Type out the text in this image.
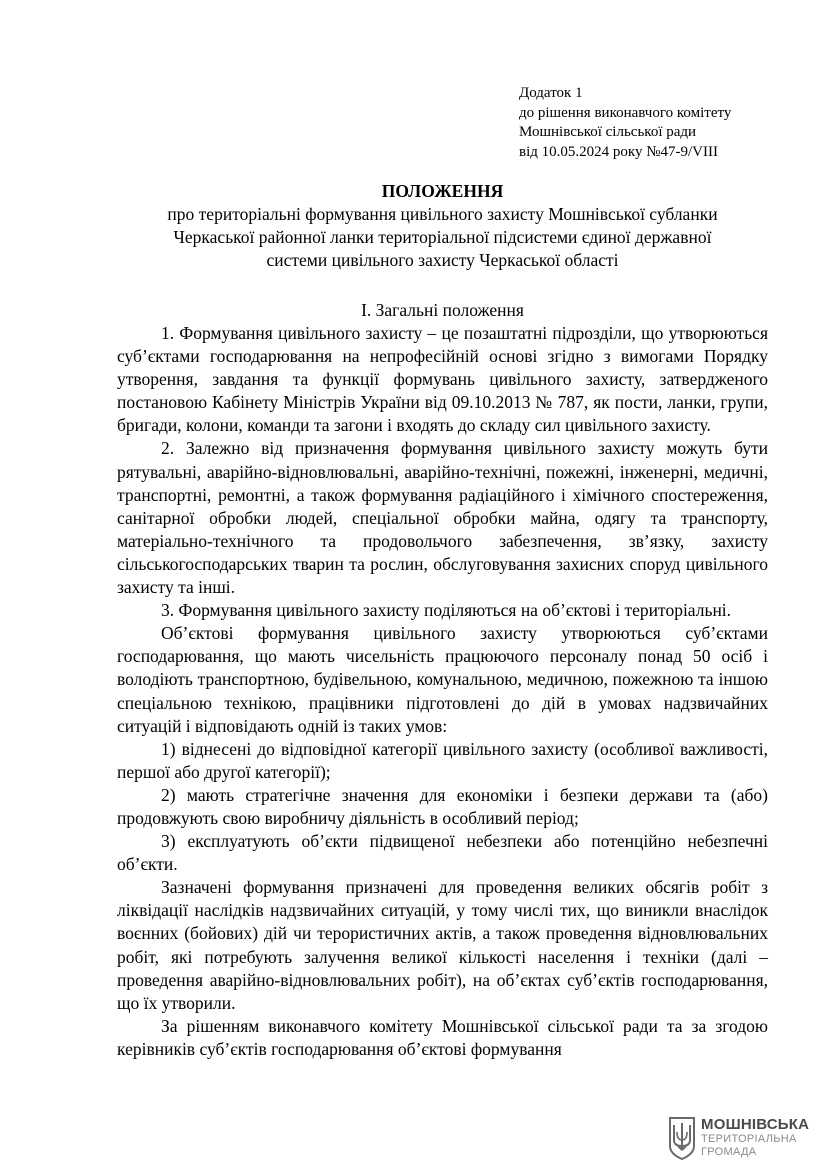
Додаток 1
до рішення виконавчого комітету
Мошнівської сільської ради
від 10.05.2024 року №47-9/VIII
ПОЛОЖЕННЯ
про територіальні формування цивільного захисту Мошнівської субланки
Черкаської районної ланки територіальної підсистеми єдиної державної
системи цивільного захисту Черкаської області
I. Загальні положення

1. Формування цивільного захисту – це позаштатні підрозділи, що утворюються суб’єктами господарювання на непрофесійній основі згідно з вимогами Порядку утворення, завдання та функції формувань цивільного захисту, затвердженого постановою Кабінету Міністрів України від 09.10.2013 № 787, як пости, ланки, групи, бригади, колони, команди та загони і входять до складу сил цивільного захисту.

2. Залежно від призначення формування цивільного захисту можуть бути рятувальні, аварійно-відновлювальні, аварійно-технічні, пожежні, інженерні, медичні, транспортні, ремонтні, а також формування радіаційного і хімічного спостереження, санітарної обробки людей, спеціальної обробки майна, одягу та транспорту, матеріально-технічного та продовольчого забезпечення, зв’язку, захисту сільськогосподарських тварин та рослин, обслуговування захисних споруд цивільного захисту та інші.

3. Формування цивільного захисту поділяються на об’єктові і територіальні.

Об’єктові формування цивільного захисту утворюються суб’єктами господарювання, що мають чисельність працюючого персоналу понад 50 осіб і володіють транспортною, будівельною, комунальною, медичною, пожежною та іншою спеціальною технікою, працівники підготовлені до дій в умовах надзвичайних ситуацій і відповідають одній із таких умов:

1) віднесені до відповідної категорії цивільного захисту (особливої важливості, першої або другої категорії);

2) мають стратегічне значення для економіки і безпеки держави та (або) продовжують свою виробничу діяльність в особливий період;

3) експлуатують об’єкти підвищеної небезпеки або потенційно небезпечні об’єкти.

Зазначені формування призначені для проведення великих обсягів робіт з ліквідації наслідків надзвичайних ситуацій, у тому числі тих, що виникли внаслідок воєнних (бойових) дій чи терористичних актів, а також проведення відновлювальних робіт, які потребують залучення великої кількості населення і техніки (далі – проведення аварійно-відновлювальних робіт), на об’єктах суб’єктів господарювання, що їх утворили.

За рішенням виконавчого комітету Мошнівської сільської ради та за згодою керівників суб’єктів господарювання об’єктові формування

МОШНІВСЬКА
ТЕРИТОРІАЛЬНА
ГРОМАДА
